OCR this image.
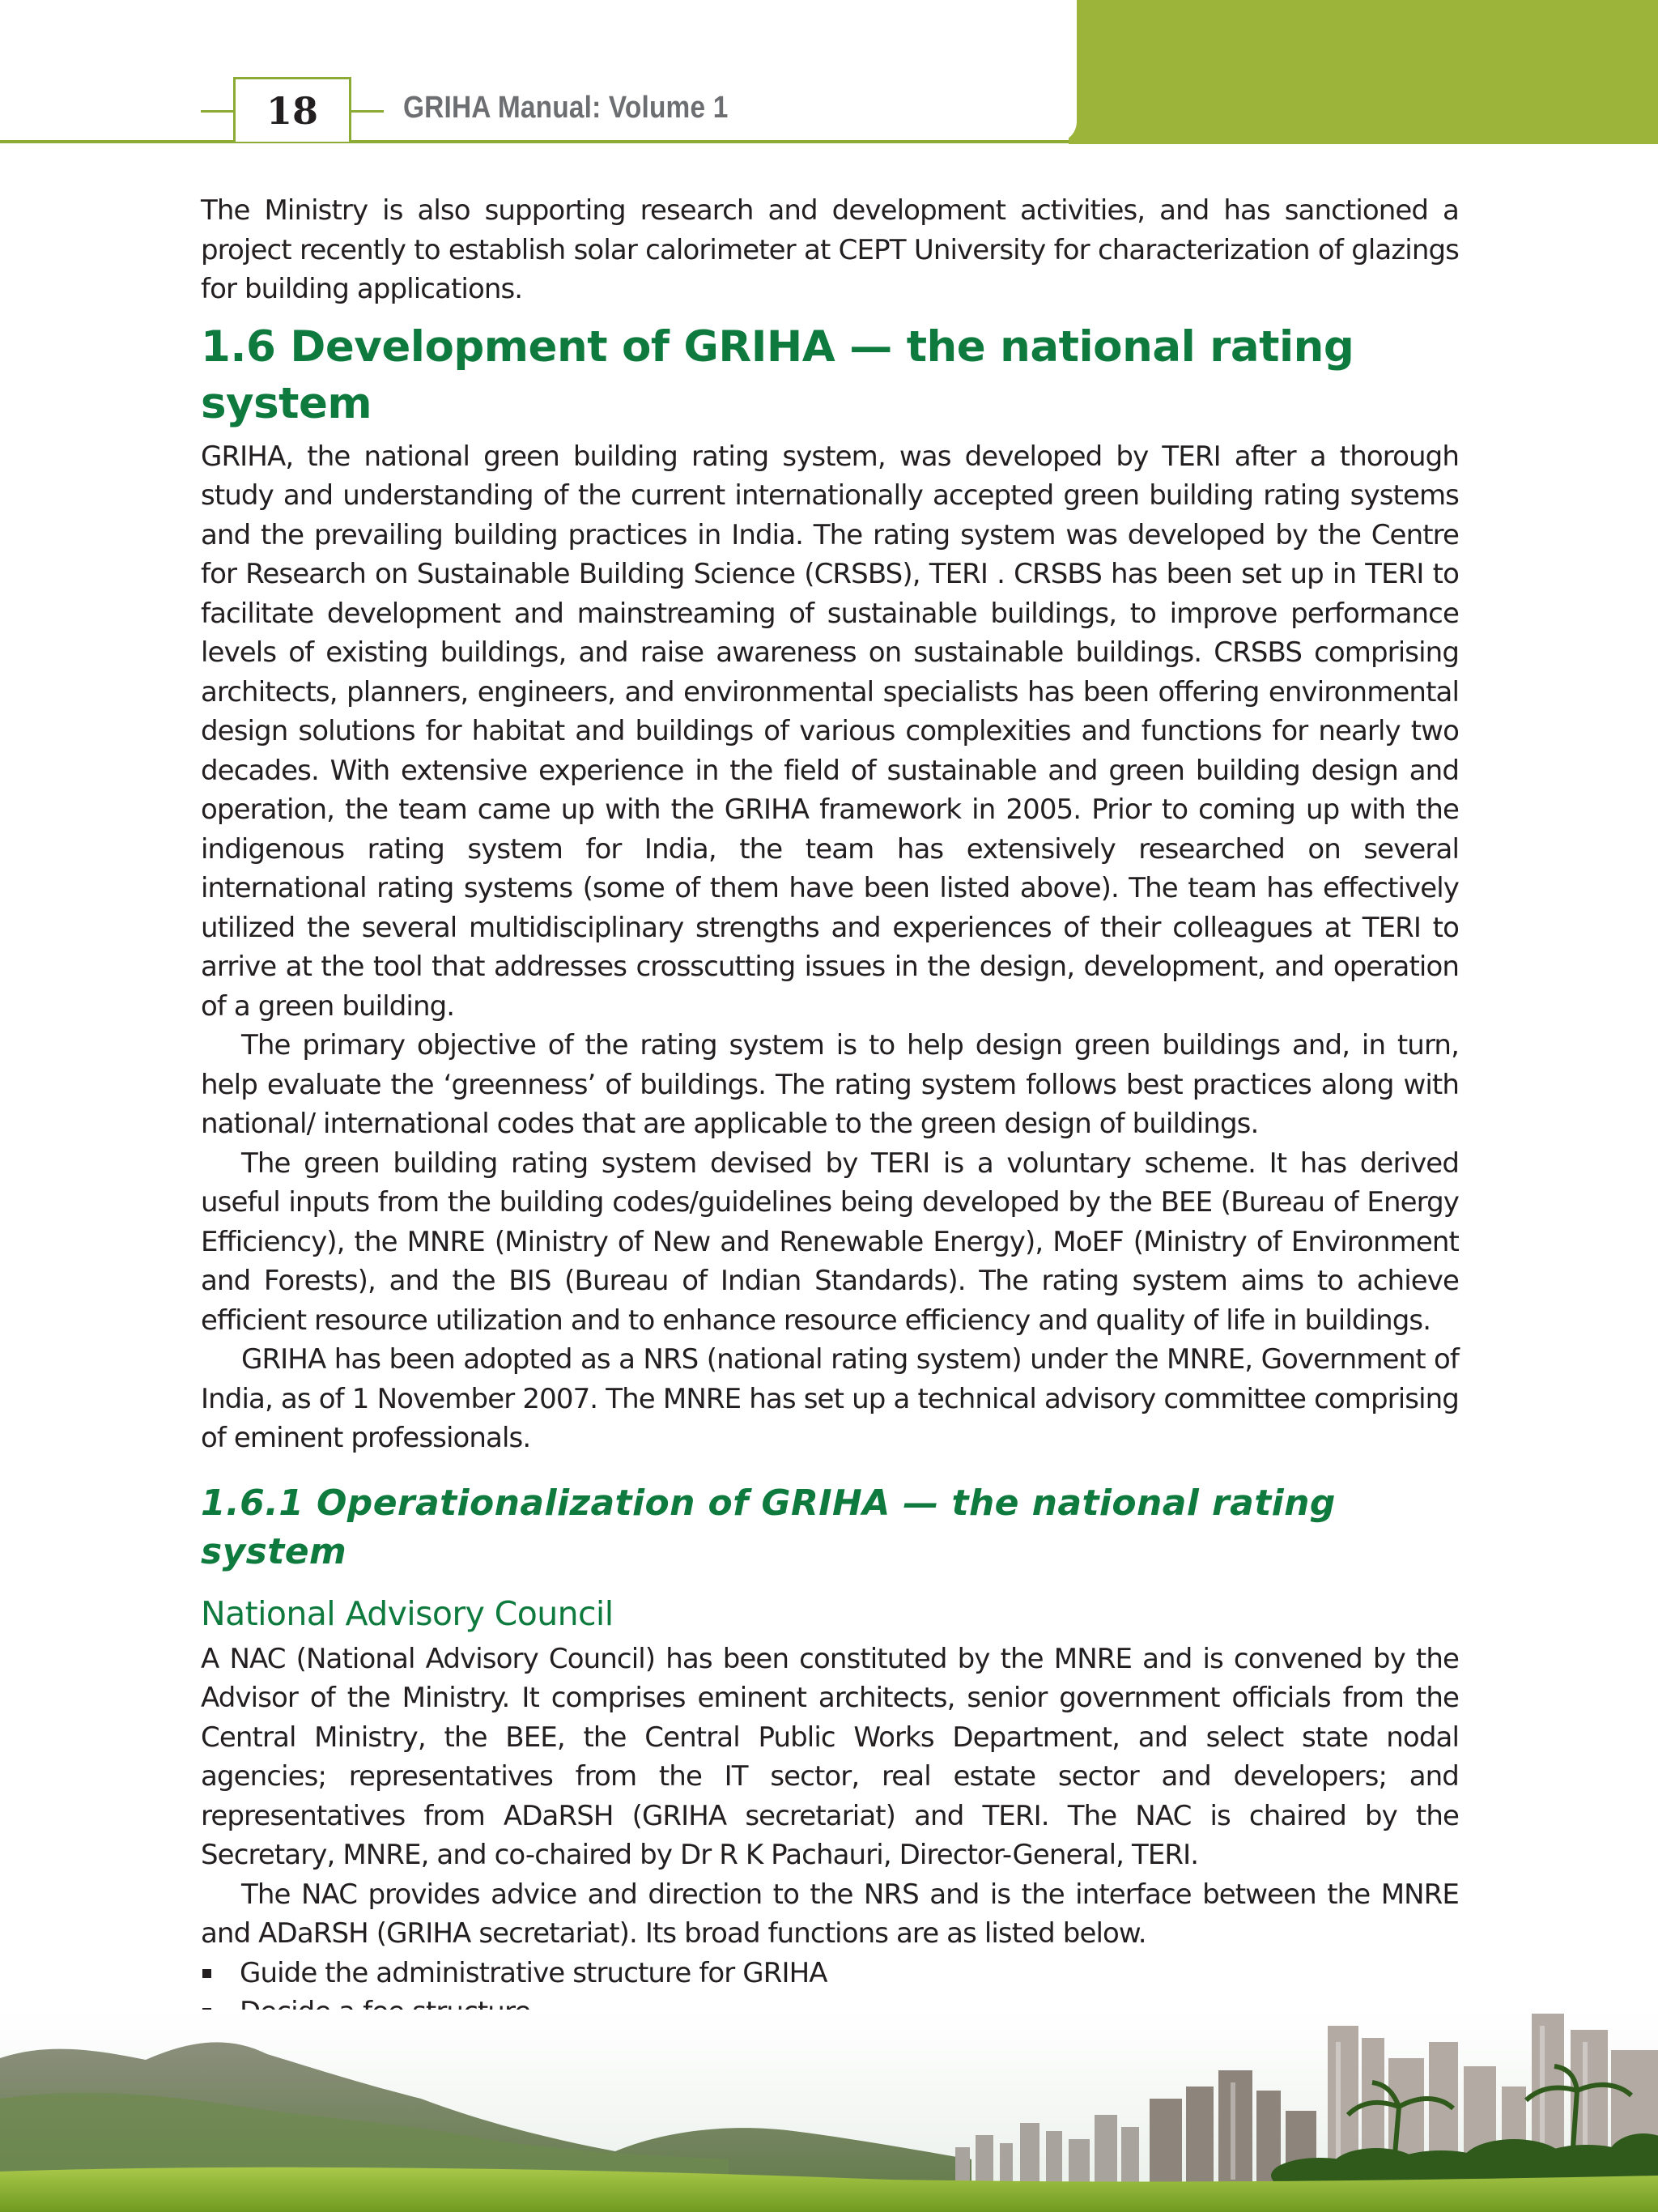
18	GRIHA Manual: Volume 1

The Ministry is also supporting research and development activities, and has sanctioned a project recently to establish solar calorimeter at CEPT University for characterization of glazings for building applications.

1.6 Development of GRIHA — the national rating system

GRIHA, the national green building rating system, was developed by TERI after a thorough study and understanding of the current internationally accepted green building rating systems and the prevailing building practices in India. The rating system was developed by the Centre for Research on Sustainable Building Science (CRSBS), TERI . CRSBS has been set up in TERI to facilitate development and mainstreaming of sustainable buildings, to improve performance levels of existing buildings, and raise awareness on sustainable buildings. CRSBS comprising architects, planners, engineers, and environmental specialists has been offering environmental design solutions for habitat and buildings of various complexities and functions for nearly two decades. With extensive experience in the field of sustainable and green building design and operation, the team came up with the GRIHA framework in 2005. Prior to coming up with the indigenous rating system for India, the team has extensively researched on several international rating systems (some of them have been listed above). The team has effectively utilized the several multidisciplinary strengths and experiences of their colleagues at TERI to arrive at the tool that addresses crosscutting issues in the design, development, and operation of a green building.

The primary objective of the rating system is to help design green buildings and, in turn, help evaluate the ‘greenness’ of buildings. The rating system follows best practices along with national/ international codes that are applicable to the green design of buildings.

The green building rating system devised by TERI is a voluntary scheme. It has derived useful inputs from the building codes/guidelines being developed by the BEE (Bureau of Energy Efficiency), the MNRE (Ministry of New and Renewable Energy), MoEF (Ministry of Environment and Forests), and the BIS (Bureau of Indian Standards). The rating system aims to achieve efficient resource utilization and to enhance resource efficiency and quality of life in buildings.

GRIHA has been adopted as a NRS (national rating system) under the MNRE, Government of India, as of 1 November 2007. The MNRE has set up a technical advisory committee comprising of eminent professionals.

1.6.1 Operationalization of GRIHA — the national rating system
National Advisory Council

A NAC (National Advisory Council) has been constituted by the MNRE and is convened by the Advisor of the Ministry. It comprises eminent architects, senior government officials from the Central Ministry, the BEE, the Central Public Works Department, and select state nodal agencies; representatives from the IT sector, real estate sector and developers; and representatives from ADaRSH (GRIHA secretariat) and TERI. The NAC is chaired by the Secretary, MNRE, and co-chaired by Dr R K Pachauri, Director-General, TERI.

The NAC provides advice and direction to the NRS and is the interface between the MNRE and ADaRSH (GRIHA secretariat). Its broad functions are as listed below.

Guide the administrative structure for GRIHA
